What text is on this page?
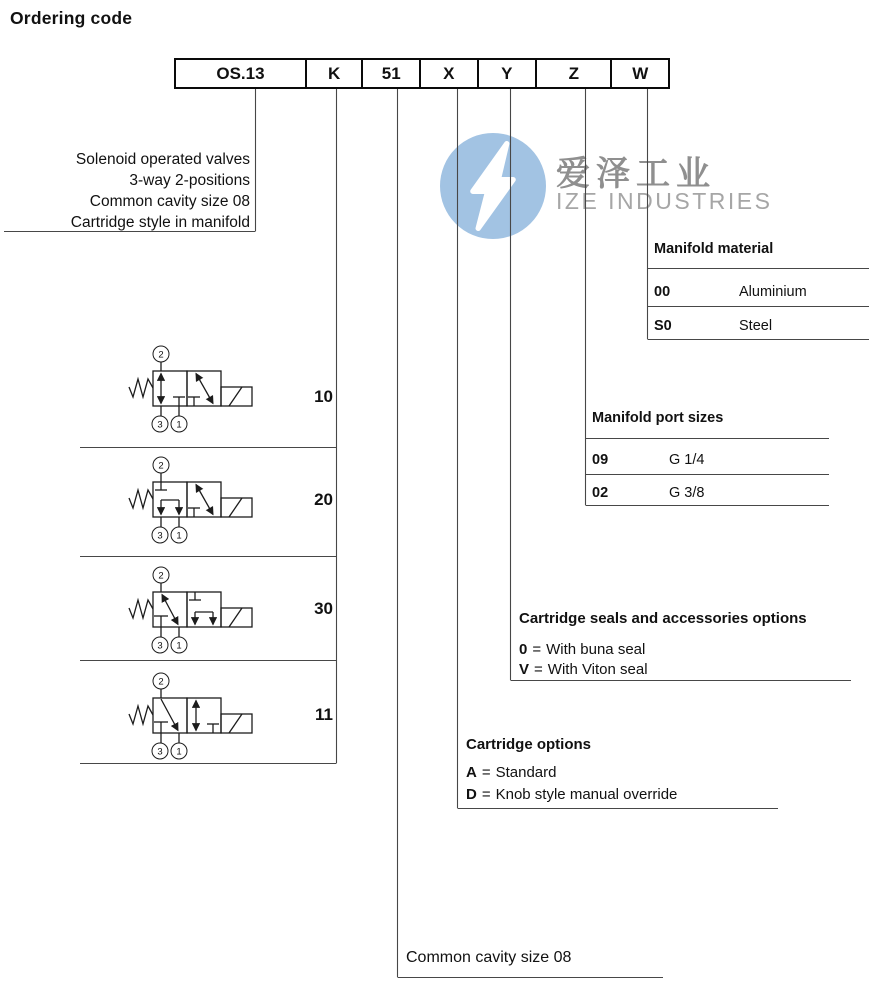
爱泽工业
IZE INDUSTRIES
Ordering code
OS.13	K	51	X	Y	Z	W
Solenoid operated valves
3-way 2-positions
Common cavity size 08
Cartridge style in manifold
2
3 1
10
2
3 1
20
2
3 1
30
2
3 1
11
Manifold material
00	Aluminium
S0	Steel
Manifold port sizes
09	G 1/4
02	G 3/8
Cartridge seals and accessories options
0 = With buna seal
V = With Viton seal
Cartridge options
A = Standard
D = Knob style manual override
Common cavity size 08
